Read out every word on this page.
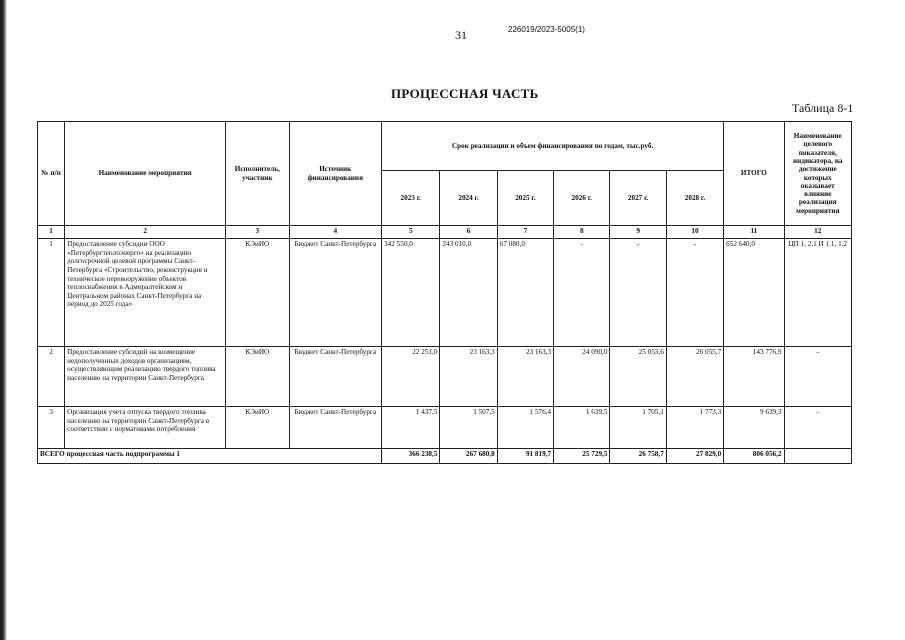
31	226019/2023-5005(1)
ПРОЦЕССНАЯ ЧАСТЬ
Таблица 8-1
№ п/п	Наименование мероприятия	Исполнитель, участник	Источник финансирования	Срок реализации и объем финансирования по годам, тыс.руб.						ИТОГО	Наименование целевого показателя, индикатора, на достижение которых оказывает влияние реализация мероприятия
				2023 г.	2024 г.	2025 г.	2026 г.	2027 г.	2028 г.		
1	2	3	4	5	6	7	8	9	10	11	12
1	Предоставление субсидии ООО «Петербургтеплоэнерго» на реализацию долгосрочной целевой программы Санкт-Петербурга «Строительство, реконструкция и техническое перевооружение объектов теплоснабжения в Адмиралтейском и Центральном районах Санкт-Петербурга на период до 2025 года»	КЭиИО	Бюджет Санкт-Петербурга	342 550,0	243 010,0	67 080,0	-	-	-	652 640,0	ЦП 1, 2.1 И 1.1, 1.2
2	Предоставление субсидий на возмещение недополученных доходов организациям, осуществляющим реализацию твердого топлива населению на территории Санкт-Петербурга	КЭиИО	Бюджет Санкт-Петербурга	22 251,0	23 163,3	23 163,3	24 090,0	25 053,6	26 055,7	143 776,9	-
3	Организация учета отпуска твердого топлива населению на территории Санкт-Петербурга в соответствии с нормативами потребления	КЭиИО	Бюджет Санкт-Петербурга	1 437,5	1 507,5	1 576,4	1 639,5	1 705,1	1 773,3	9 639,3	-
ВСЕГО процессная часть подпрограммы 1				366 238,5	267 680,8	91 819,7	25 729,5	26 758,7	27 829,0	806 056,2	
